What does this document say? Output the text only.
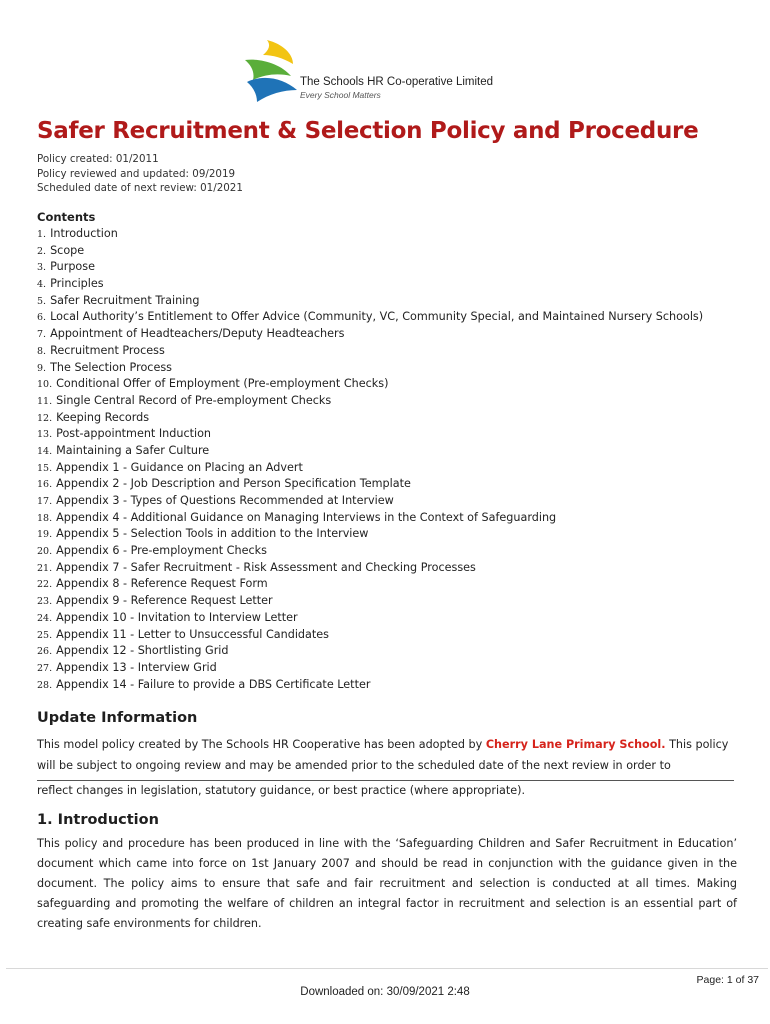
The Schools HR Co-operative Limited
Every School Matters
Safer Recruitment & Selection Policy and Procedure
Policy created: 01/2011
Policy reviewed and updated: 09/2019
Scheduled date of next review: 01/2021
Contents
1. Introduction
2. Scope
3. Purpose
4. Principles
5. Safer Recruitment Training
6. Local Authority’s Entitlement to Offer Advice (Community, VC, Community Special, and Maintained Nursery Schools)
7. Appointment of Headteachers/Deputy Headteachers
8. Recruitment Process
9. The Selection Process
10. Conditional Offer of Employment (Pre-employment Checks)
11. Single Central Record of Pre-employment Checks
12. Keeping Records
13. Post-appointment Induction
14. Maintaining a Safer Culture
15. Appendix 1 - Guidance on Placing an Advert
16. Appendix 2 - Job Description and Person Specification Template
17. Appendix 3 - Types of Questions Recommended at Interview
18. Appendix 4 - Additional Guidance on Managing Interviews in the Context of Safeguarding
19. Appendix 5 - Selection Tools in addition to the Interview
20. Appendix 6 - Pre-employment Checks
21. Appendix 7 - Safer Recruitment - Risk Assessment and Checking Processes
22. Appendix 8 - Reference Request Form
23. Appendix 9 - Reference Request Letter
24. Appendix 10 - Invitation to Interview Letter
25. Appendix 11 - Letter to Unsuccessful Candidates
26. Appendix 12 - Shortlisting Grid
27. Appendix 13 - Interview Grid
28. Appendix 14 - Failure to provide a DBS Certificate Letter
Update Information
This model policy created by The Schools HR Cooperative has been adopted by Cherry Lane Primary School. This policy will be subject to ongoing review and may be amended prior to the scheduled date of the next review in order to
reflect changes in legislation, statutory guidance, or best practice (where appropriate).
1. Introduction
This policy and procedure has been produced in line with the ‘Safeguarding Children and Safer Recruitment in Education’ document which came into force on 1st January 2007 and should be read in conjunction with the guidance given in the document. The policy aims to ensure that safe and fair recruitment and selection is conducted at all times. Making safeguarding and promoting the welfare of children an integral factor in recruitment and selection is an essential part of creating safe environments for children.
Page: 1 of 37
Downloaded on: 30/09/2021 2:48
